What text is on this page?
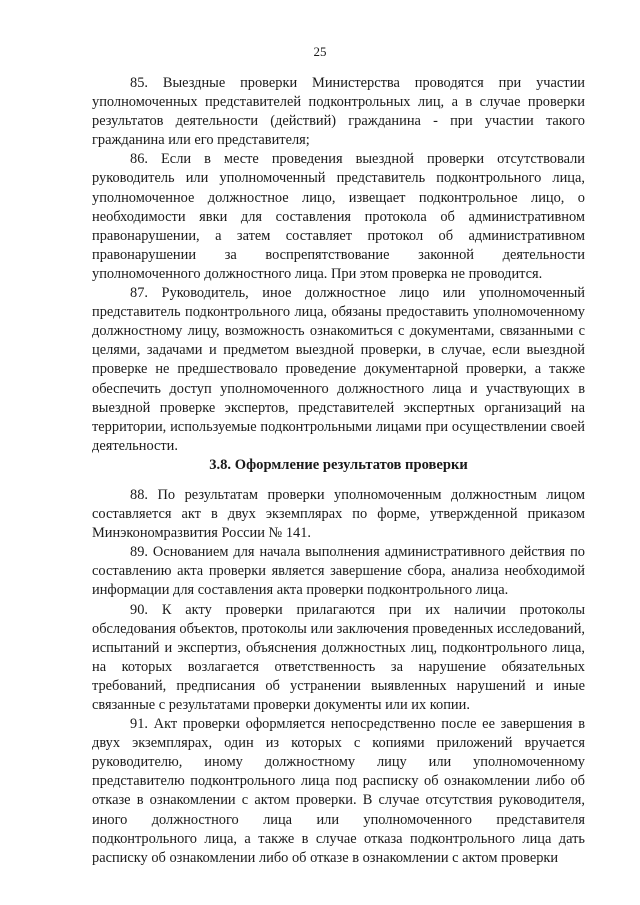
25

85. Выездные проверки Министерства проводятся при участии уполномоченных представителей подконтрольных лиц, а в случае проверки результатов деятельности (действий) гражданина - при участии такого гражданина или его представителя;

86. Если в месте проведения выездной проверки отсутствовали руководитель или уполномоченный представитель подконтрольного лица, уполномоченное должностное лицо, извещает подконтрольное лицо, о необходимости явки для составления протокола об административном правонарушении, а затем составляет протокол об административном правонарушении за воспрепятствование законной деятельности уполномоченного должностного лица. При этом проверка не проводится.

87. Руководитель, иное должностное лицо или уполномоченный представитель подконтрольного лица, обязаны предоставить уполномоченному должностному лицу, возможность ознакомиться с документами, связанными с целями, задачами и предметом выездной проверки, в случае, если выездной проверке не предшествовало проведение документарной проверки, а также обеспечить доступ уполномоченного должностного лица и участвующих в выездной проверке экспертов, представителей экспертных организаций на территории, используемые подконтрольными лицами при осуществлении своей деятельности.

3.8. Оформление результатов проверки

88. По результатам проверки уполномоченным должностным лицом составляется акт в двух экземплярах по форме, утвержденной приказом Минэкономразвития России № 141.

89. Основанием для начала выполнения административного действия по составлению акта проверки является завершение сбора, анализа необходимой информации для составления акта проверки подконтрольного лица.

90. К акту проверки прилагаются при их наличии протоколы обследования объектов, протоколы или заключения проведенных исследований, испытаний и экспертиз, объяснения должностных лиц, подконтрольного лица, на которых возлагается ответственность за нарушение обязательных требований, предписания об устранении выявленных нарушений и иные связанные с результатами проверки документы или их копии.

91. Акт проверки оформляется непосредственно после ее завершения в двух экземплярах, один из которых с копиями приложений вручается руководителю, иному должностному лицу или уполномоченному представителю подконтрольного лица под расписку об ознакомлении либо об отказе в ознакомлении с актом проверки. В случае отсутствия руководителя, иного должностного лица или уполномоченного представителя подконтрольного лица, а также в случае отказа подконтрольного лица дать расписку об ознакомлении либо об отказе в ознакомлении с актом проверки
